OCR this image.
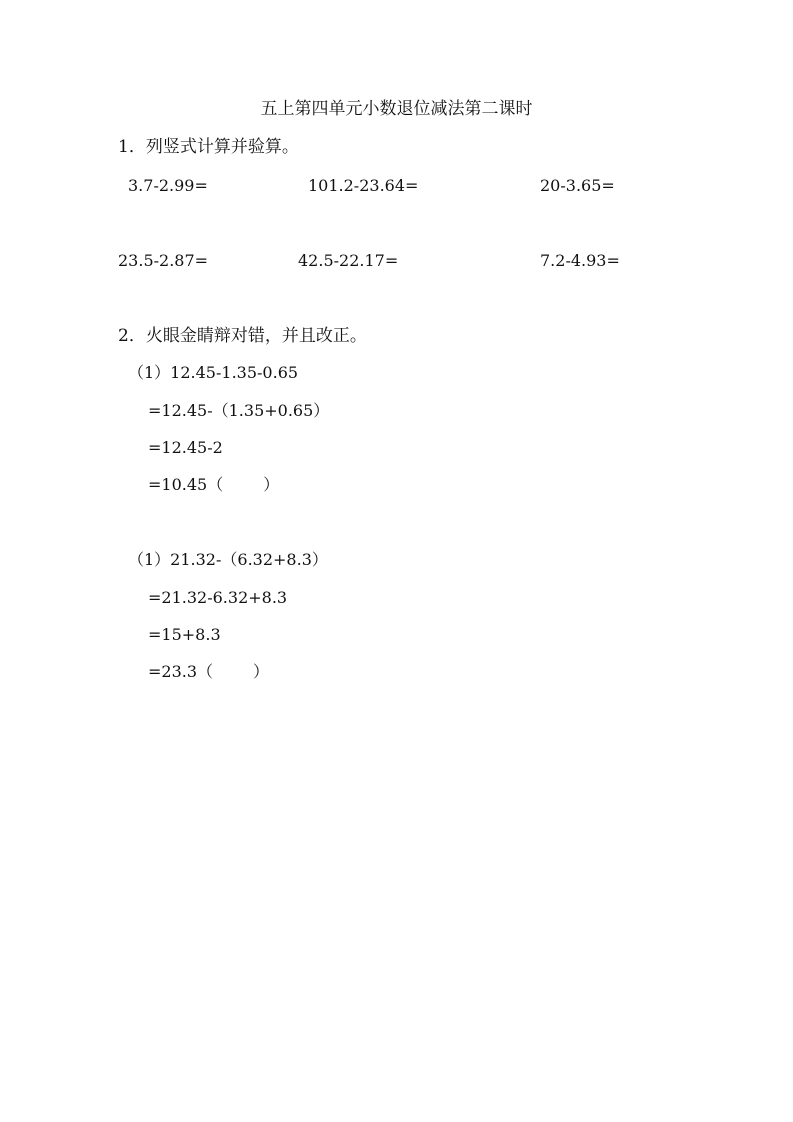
五上第四单元小数退位减法第二课时
1．列竖式计算并验算。
3.7-2.99=	101.2-23.64=	20-3.65=
23.5-2.87=	42.5-22.17=	7.2-4.93=
2．火眼金睛辩对错，并且改正。
（1）12.45-1.35-0.65
=12.45-（1.35+0.65）
=12.45-2
=10.45（	）
（1）21.32-（6.32+8.3）
=21.32-6.32+8.3
=15+8.3
=23.3（	）
